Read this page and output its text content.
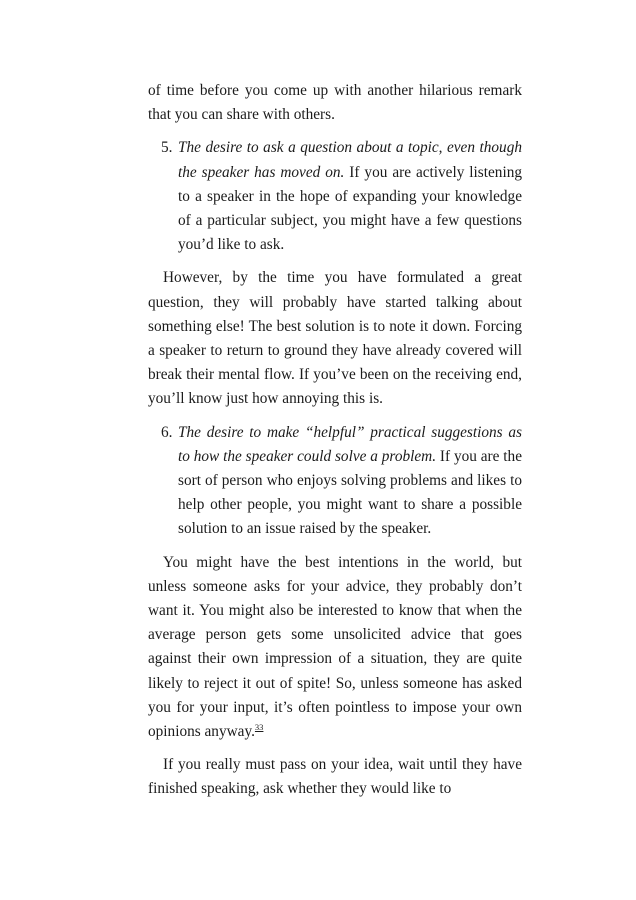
of time before you come up with another hilarious remark that you can share with others.

5. The desire to ask a question about a topic, even though the speaker has moved on. If you are actively listening to a speaker in the hope of expanding your knowledge of a particular subject, you might have a few questions you’d like to ask.

However, by the time you have formulated a great question, they will probably have started talking about something else! The best solution is to note it down. Forcing a speaker to return to ground they have already covered will break their mental flow. If you’ve been on the receiving end, you’ll know just how annoying this is.

6. The desire to make “helpful” practical suggestions as to how the speaker could solve a problem. If you are the sort of person who enjoys solving problems and likes to help other people, you might want to share a possible solution to an issue raised by the speaker.

You might have the best intentions in the world, but unless someone asks for your advice, they probably don’t want it. You might also be interested to know that when the average person gets some unsolicited advice that goes against their own impression of a situation, they are quite likely to reject it out of spite! So, unless someone has asked you for your input, it’s often pointless to impose your own opinions anyway.$^{33}$

If you really must pass on your idea, wait until they have finished speaking, ask whether they would like to
